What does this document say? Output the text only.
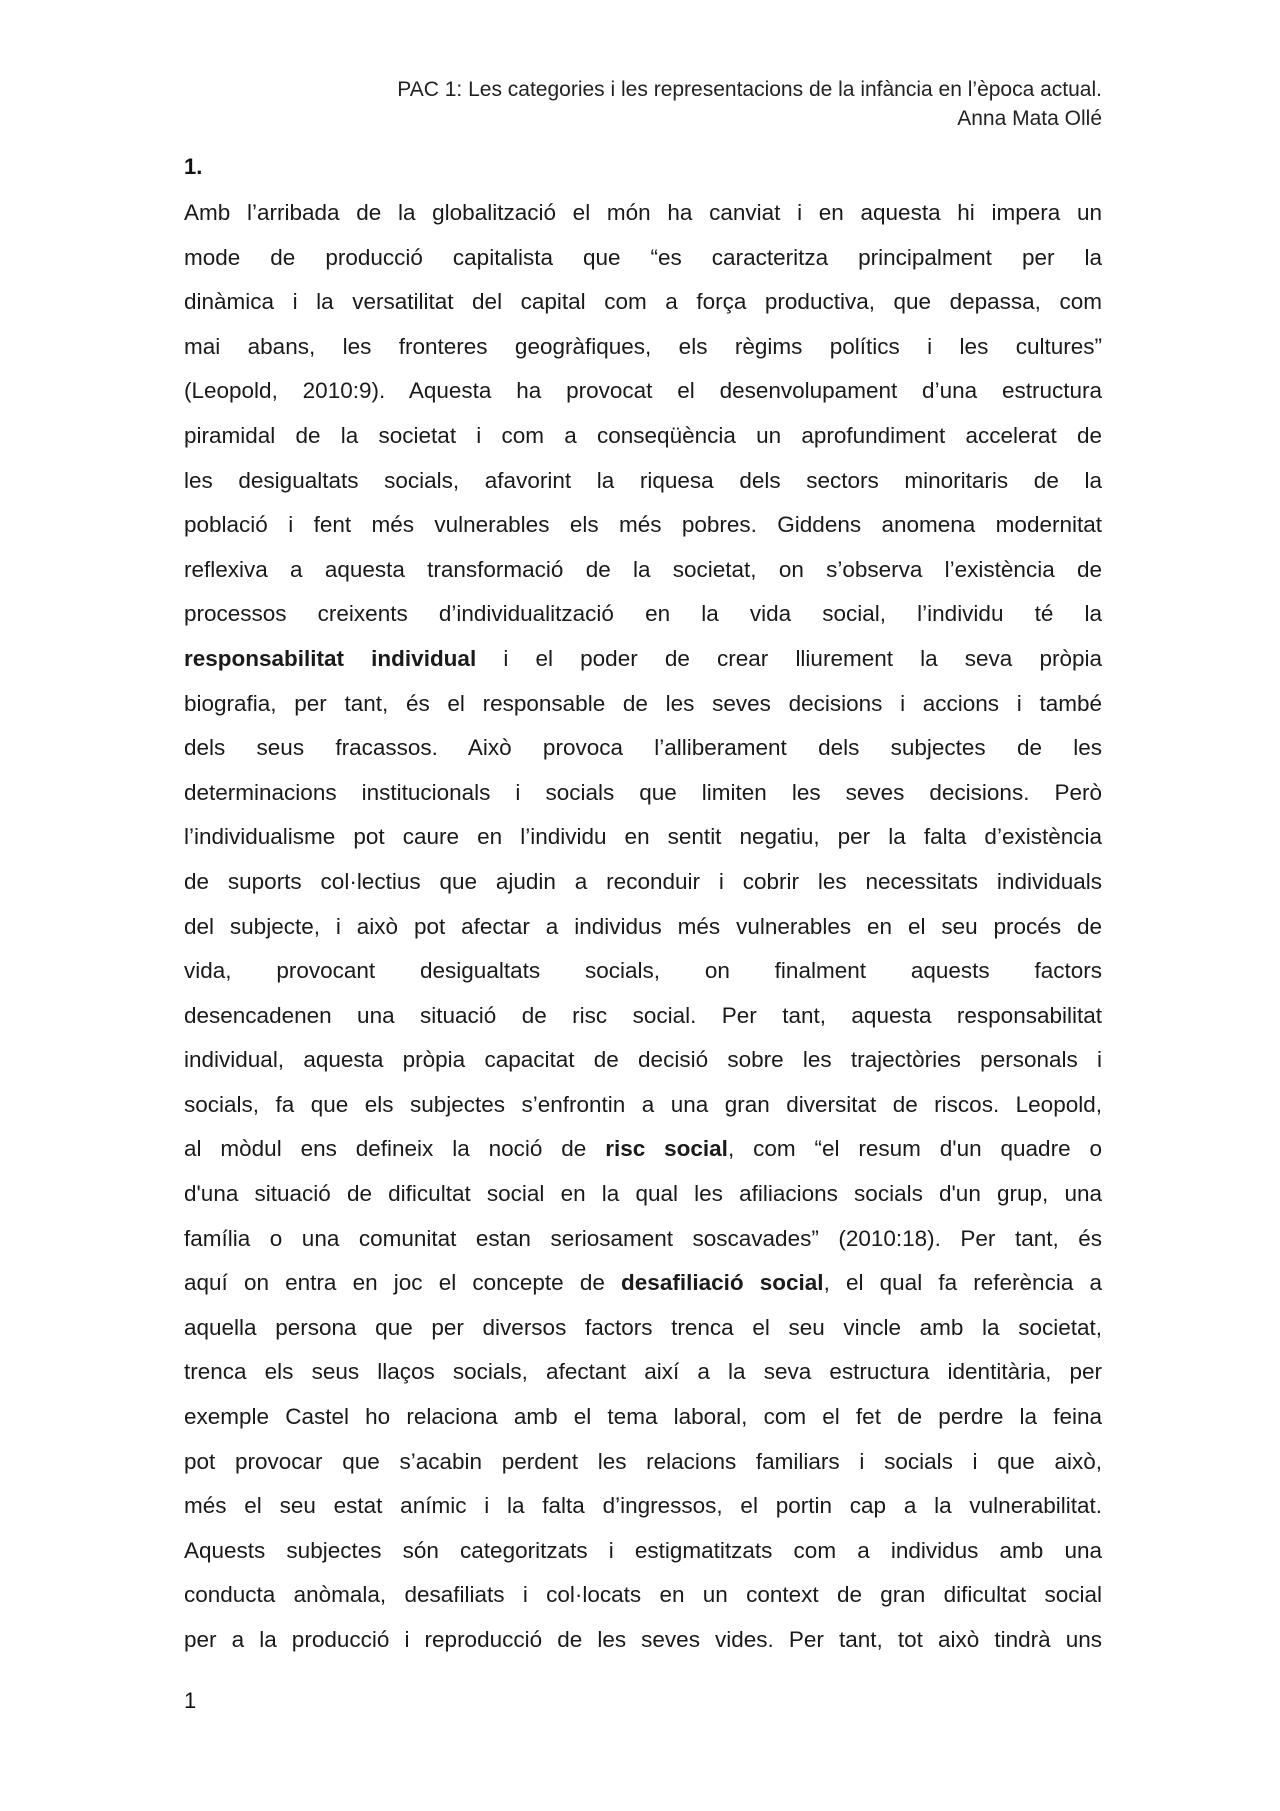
PAC 1: Les categories i les representacions de la infància en l’època actual.
Anna Mata Ollé
1.
Amb l’arribada de la globalització el món ha canviat i en aquesta hi impera un
mode de producció capitalista que “es caracteritza principalment per la
dinàmica i la versatilitat del capital com a força productiva, que depassa, com
mai abans, les fronteres geogràfiques, els règims polítics i les cultures”
(Leopold, 2010:9). Aquesta ha provocat el desenvolupament d’una estructura
piramidal de la societat i com a conseqüència un aprofundiment accelerat de
les desigualtats socials, afavorint la riquesa dels sectors minoritaris de la
població i fent més vulnerables els més pobres. Giddens anomena modernitat
reflexiva a aquesta transformació de la societat, on s’observa l’existència de
processos creixents d’individualització en la vida social, l’individu té la
responsabilitat individual i el poder de crear lliurement la seva pròpia
biografia, per tant, és el responsable de les seves decisions i accions i també
dels seus fracassos. Això provoca l’alliberament dels subjectes de les
determinacions institucionals i socials que limiten les seves decisions. Però
l’individualisme pot caure en l’individu en sentit negatiu, per la falta d’existència
de suports col·lectius que ajudin a reconduir i cobrir les necessitats individuals
del subjecte, i això pot afectar a individus més vulnerables en el seu procés de
vida, provocant desigualtats socials, on finalment aquests factors
desencadenen una situació de risc social. Per tant, aquesta responsabilitat
individual, aquesta pròpia capacitat de decisió sobre les trajectòries personals i
socials, fa que els subjectes s’enfrontin a una gran diversitat de riscos. Leopold,
al mòdul ens defineix la noció de risc social, com “el resum d'un quadre o
d'una situació de dificultat social en la qual les afiliacions socials d'un grup, una
família o una comunitat estan seriosament soscavades” (2010:18). Per tant, és
aquí on entra en joc el concepte de desafiliació social, el qual fa referència a
aquella persona que per diversos factors trenca el seu vincle amb la societat,
trenca els seus llaços socials, afectant així a la seva estructura identitària, per
exemple Castel ho relaciona amb el tema laboral, com el fet de perdre la feina
pot provocar que s’acabin perdent les relacions familiars i socials i que això,
més el seu estat anímic i la falta d’ingressos, el portin cap a la vulnerabilitat.
Aquests subjectes són categoritzats i estigmatitzats com a individus amb una
conducta anòmala, desafiliats i col·locats en un context de gran dificultat social
per a la producció i reproducció de les seves vides. Per tant, tot això tindrà uns
1
